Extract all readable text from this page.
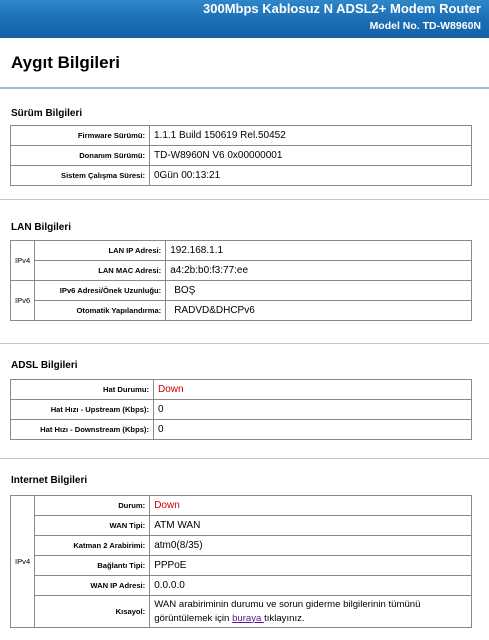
300Mbps Kablosuz N ADSL2+ Modem Router
Model No. TD-W8960N
Aygıt Bilgileri
Sürüm Bilgileri
Firmware Sürümü:	1.1.1 Build 150619 Rel.50452
Donanım Sürümü:	TD-W8960N V6 0x00000001
Sistem Çalışma Süresi:	0Gün 00:13:21
LAN Bilgileri
IPv4	LAN IP Adresi:	192.168.1.1
	LAN MAC Adresi:	a4:2b:b0:f3:77:ee
IPv6	IPv6 Adresi/Önek Uzunluğu:	BOŞ
	Otomatik Yapılandırma:	RADVD&DHCPv6
ADSL Bilgileri
Hat Durumu:	Down
Hat Hızı - Upstream (Kbps):	0
Hat Hızı - Downstream (Kbps):	0
Internet Bilgileri
IPv4	Durum:	Down
	WAN Tipi:	ATM WAN
	Katman 2 Arabirimi:	atm0(8/35)
	Bağlantı Tipi:	PPPoE
	WAN IP Adresi:	0.0.0.0
	Kısayol:	WAN arabiriminin durumu ve sorun giderme bilgilerinin tümünü
görüntülemek için buraya tıklayınız.
